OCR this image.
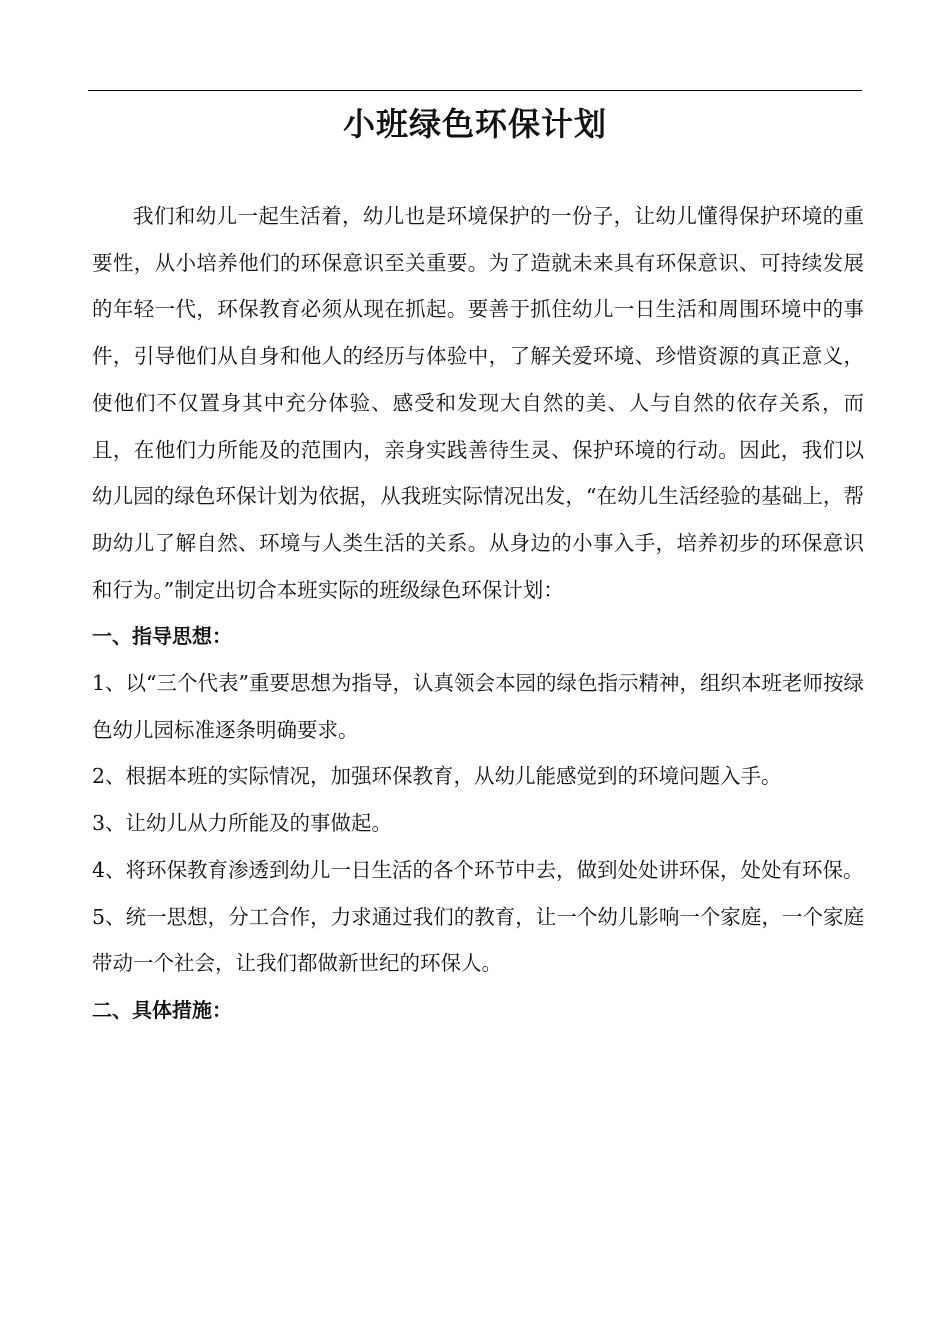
小班绿色环保计划

我们和幼儿一起生活着，幼儿也是环境保护的一份子，让幼儿懂得保护环境的重要性，从小培养他们的环保意识至关重要。为了造就未来具有环保意识、可持续发展的年轻一代，环保教育必须从现在抓起。要善于抓住幼儿一日生活和周围环境中的事件，引导他们从自身和他人的经历与体验中，了解关爱环境、珍惜资源的真正意义，使他们不仅置身其中充分体验、感受和发现大自然的美、人与自然的依存关系，而且，在他们力所能及的范围内，亲身实践善待生灵、保护环境的行动。因此，我们以幼儿园的绿色环保计划为依据，从我班实际情况出发，“在幼儿生活经验的基础上，帮助幼儿了解自然、环境与人类生活的关系。从身边的小事入手，培养初步的环保意识和行为。”制定出切合本班实际的班级绿色环保计划：

一、指导思想：

1、以“三个代表”重要思想为指导，认真领会本园的绿色指示精神，组织本班老师按绿色幼儿园标准逐条明确要求。

2、根据本班的实际情况，加强环保教育，从幼儿能感觉到的环境问题入手。

3、让幼儿从力所能及的事做起。

4、将环保教育渗透到幼儿一日生活的各个环节中去，做到处处讲环保，处处有环保。

5、统一思想，分工合作，力求通过我们的教育，让一个幼儿影响一个家庭，一个家庭带动一个社会，让我们都做新世纪的环保人。

二、具体措施：
